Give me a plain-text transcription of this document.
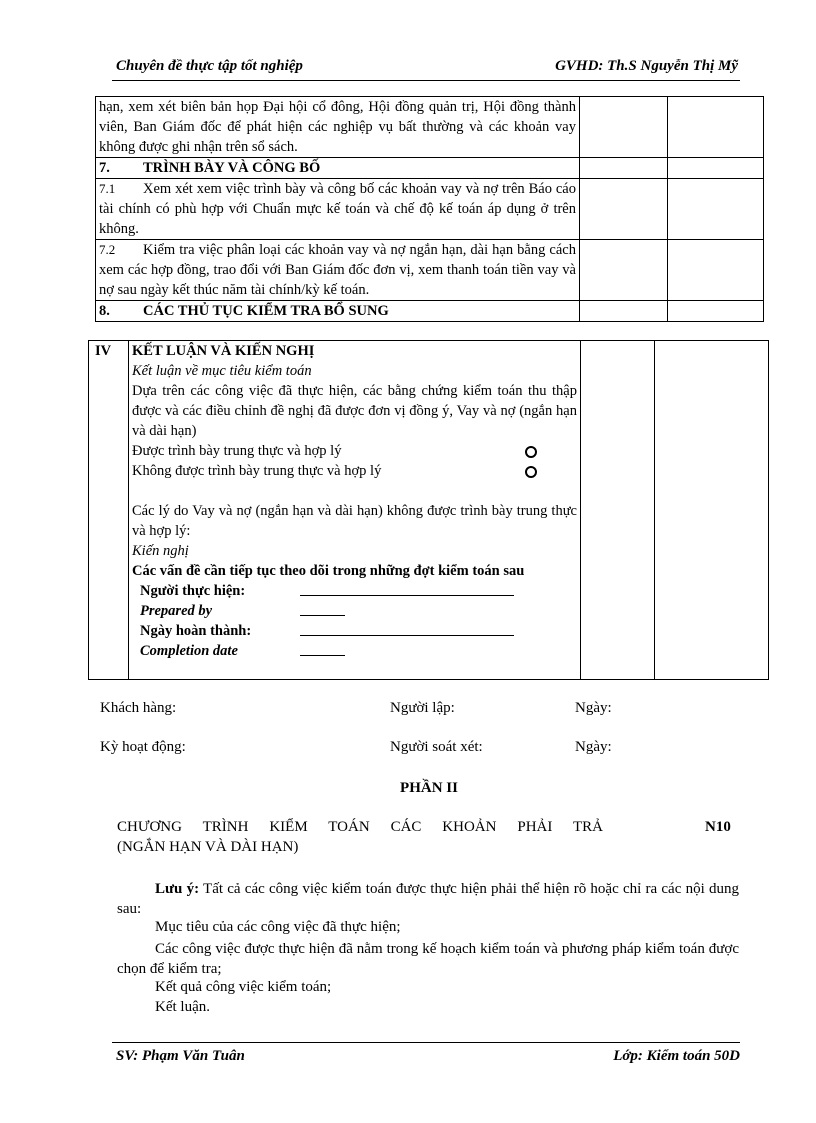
Chuyên đề thực tập tốt nghiệp	GVHD: Th.S Nguyễn Thị Mỹ
hạn, xem xét biên bản họp Đại hội cổ đông, Hội đồng quản trị, Hội đồng thành viên, Ban Giám đốc để phát hiện các nghiệp vụ bất thường và các khoản vay không được ghi nhận trên sổ sách.		
7. TRÌNH BÀY VÀ CÔNG BỐ		
7.1 Xem xét xem việc trình bày và công bố các khoản vay và nợ trên Báo cáo tài chính có phù hợp với Chuẩn mực kế toán và chế độ kế toán áp dụng ở trên không.		
7.2 Kiểm tra việc phân loại các khoản vay và nợ ngắn hạn, dài hạn bằng cách xem các hợp đồng, trao đổi với Ban Giám đốc đơn vị, xem thanh toán tiền vay và nợ sau ngày kết thúc năm tài chính/kỳ kế toán.		
8. CÁC THỦ TỤC KIỂM TRA BỔ SUNG		
IV	KẾT LUẬN VÀ KIẾN NGHỊ
Kết luận về mục tiêu kiểm toán
Dựa trên các công việc đã thực hiện, các bằng chứng kiểm toán thu thập được và các điều chỉnh đề nghị đã được đơn vị đồng ý, Vay và nợ (ngắn hạn và dài hạn)
Được trình bày trung thực và hợp lý
Không được trình bày trung thực và hợp lý
Các lý do Vay và nợ (ngắn hạn và dài hạn) không được trình bày trung thực và hợp lý:
Kiến nghị
Các vấn đề cần tiếp tục theo dõi trong những đợt kiểm toán sau
Người thực hiện:
Prepared by
Ngày hoàn thành:
Completion date

Khách hàng:	Người lập:	Ngày:
Kỳ hoạt động:	Người soát xét:	Ngày:
PHẦN II
CHƯƠNG TRÌNH KIỂM TOÁN CÁC KHOẢN PHẢI TRẢ
(NGẮN HẠN VÀ DÀI HẠN)
N10
Lưu ý: Tất cả các công việc kiểm toán được thực hiện phải thể hiện rõ hoặc chỉ ra các nội dung sau:
Mục tiêu của các công việc đã thực hiện;
Các công việc được thực hiện đã nằm trong kế hoạch kiểm toán và phương pháp kiểm toán được chọn để kiểm tra;
Kết quả công việc kiểm toán;
Kết luận.
SV: Phạm Văn Tuân	Lớp: Kiểm toán 50D
